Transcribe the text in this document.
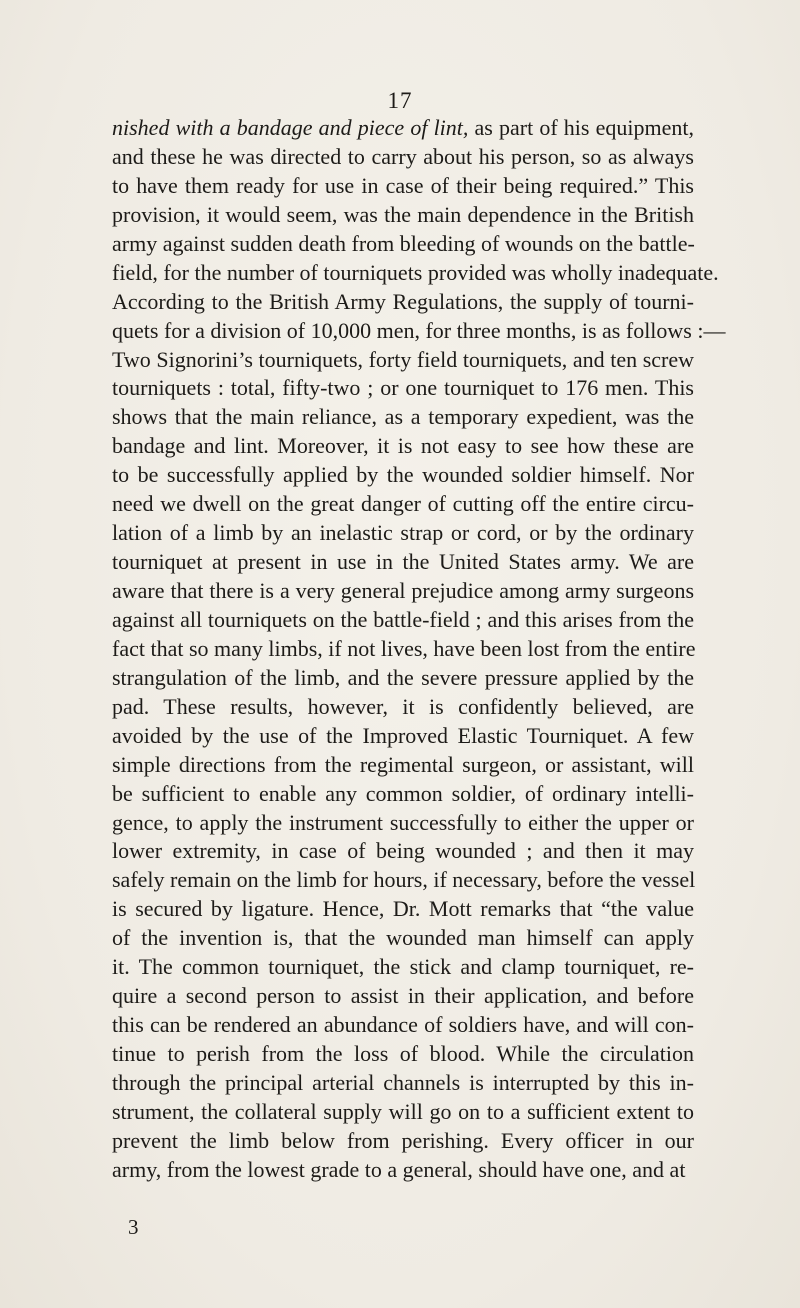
17
nished with a bandage and piece of lint, as part of his equipment,
and these he was directed to carry about his person, so as always
to have them ready for use in case of their being required.” This
provision, it would seem, was the main dependence in the British
army against sudden death from bleeding of wounds on the battle-
field, for the number of tourniquets provided was wholly inadequate.
According to the British Army Regulations, the supply of tourni-
quets for a division of 10,000 men, for three months, is as follows :—
Two Signorini’s tourniquets, forty field tourniquets, and ten screw
tourniquets : total, fifty-two ; or one tourniquet to 176 men. This
shows that the main reliance, as a temporary expedient, was the
bandage and lint. Moreover, it is not easy to see how these are
to be successfully applied by the wounded soldier himself. Nor
need we dwell on the great danger of cutting off the entire circu-
lation of a limb by an inelastic strap or cord, or by the ordinary
tourniquet at present in use in the United States army. We are
aware that there is a very general prejudice among army surgeons
against all tourniquets on the battle-field ; and this arises from the
fact that so many limbs, if not lives, have been lost from the entire
strangulation of the limb, and the severe pressure applied by the
pad. These results, however, it is confidently believed, are
avoided by the use of the Improved Elastic Tourniquet. A few
simple directions from the regimental surgeon, or assistant, will
be sufficient to enable any common soldier, of ordinary intelli-
gence, to apply the instrument successfully to either the upper or
lower extremity, in case of being wounded ; and then it may
safely remain on the limb for hours, if necessary, before the vessel
is secured by ligature. Hence, Dr. Mott remarks that “the value
of the invention is, that the wounded man himself can apply
it. The common tourniquet, the stick and clamp tourniquet, re-
quire a second person to assist in their application, and before
this can be rendered an abundance of soldiers have, and will con-
tinue to perish from the loss of blood. While the circulation
through the principal arterial channels is interrupted by this in-
strument, the collateral supply will go on to a sufficient extent to
prevent the limb below from perishing. Every officer in our
army, from the lowest grade to a general, should have one, and at
3
